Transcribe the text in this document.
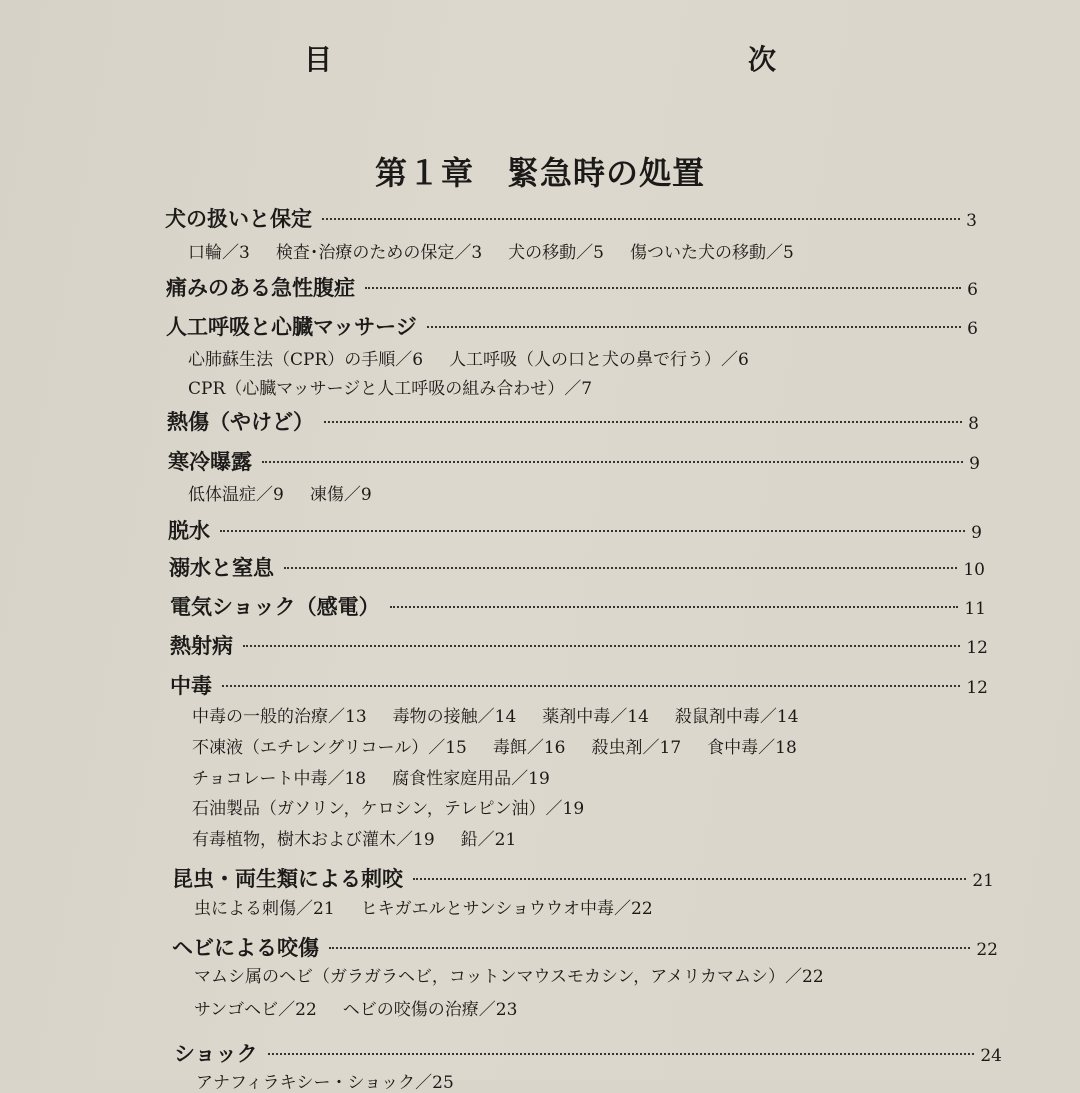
目　　次
第１章　緊急時の処置
犬の扱いと保定	3
口輪／3 検査･治療のための保定／3 犬の移動／5 傷ついた犬の移動／5
痛みのある急性腹症	6
人工呼吸と心臓マッサージ	6
心肺蘇生法（CPR）の手順／6 人工呼吸（人の口と犬の鼻で行う）／6
CPR（心臓マッサージと人工呼吸の組み合わせ）／7
熱傷（やけど）	8
寒冷曝露	9
低体温症／9 凍傷／9
脱水	9
溺水と窒息	10
電気ショック（感電）	11
熱射病	12
中毒	12
中毒の一般的治療／13 毒物の接触／14 薬剤中毒／14 殺鼠剤中毒／14
不凍液（エチレングリコール）／15 毒餌／16 殺虫剤／17 食中毒／18
チョコレート中毒／18 腐食性家庭用品／19
石油製品（ガソリン，ケロシン，テレピン油）／19
有毒植物，樹木および灌木／19 鉛／21
昆虫・両生類による刺咬	21
虫による刺傷／21 ヒキガエルとサンショウウオ中毒／22
ヘビによる咬傷	22
マムシ属のヘビ（ガラガラヘビ，コットンマウスモカシン，アメリカマムシ）／22
サンゴヘビ／22 ヘビの咬傷の治療／23
ショック	24
アナフィラキシー・ショック／25
